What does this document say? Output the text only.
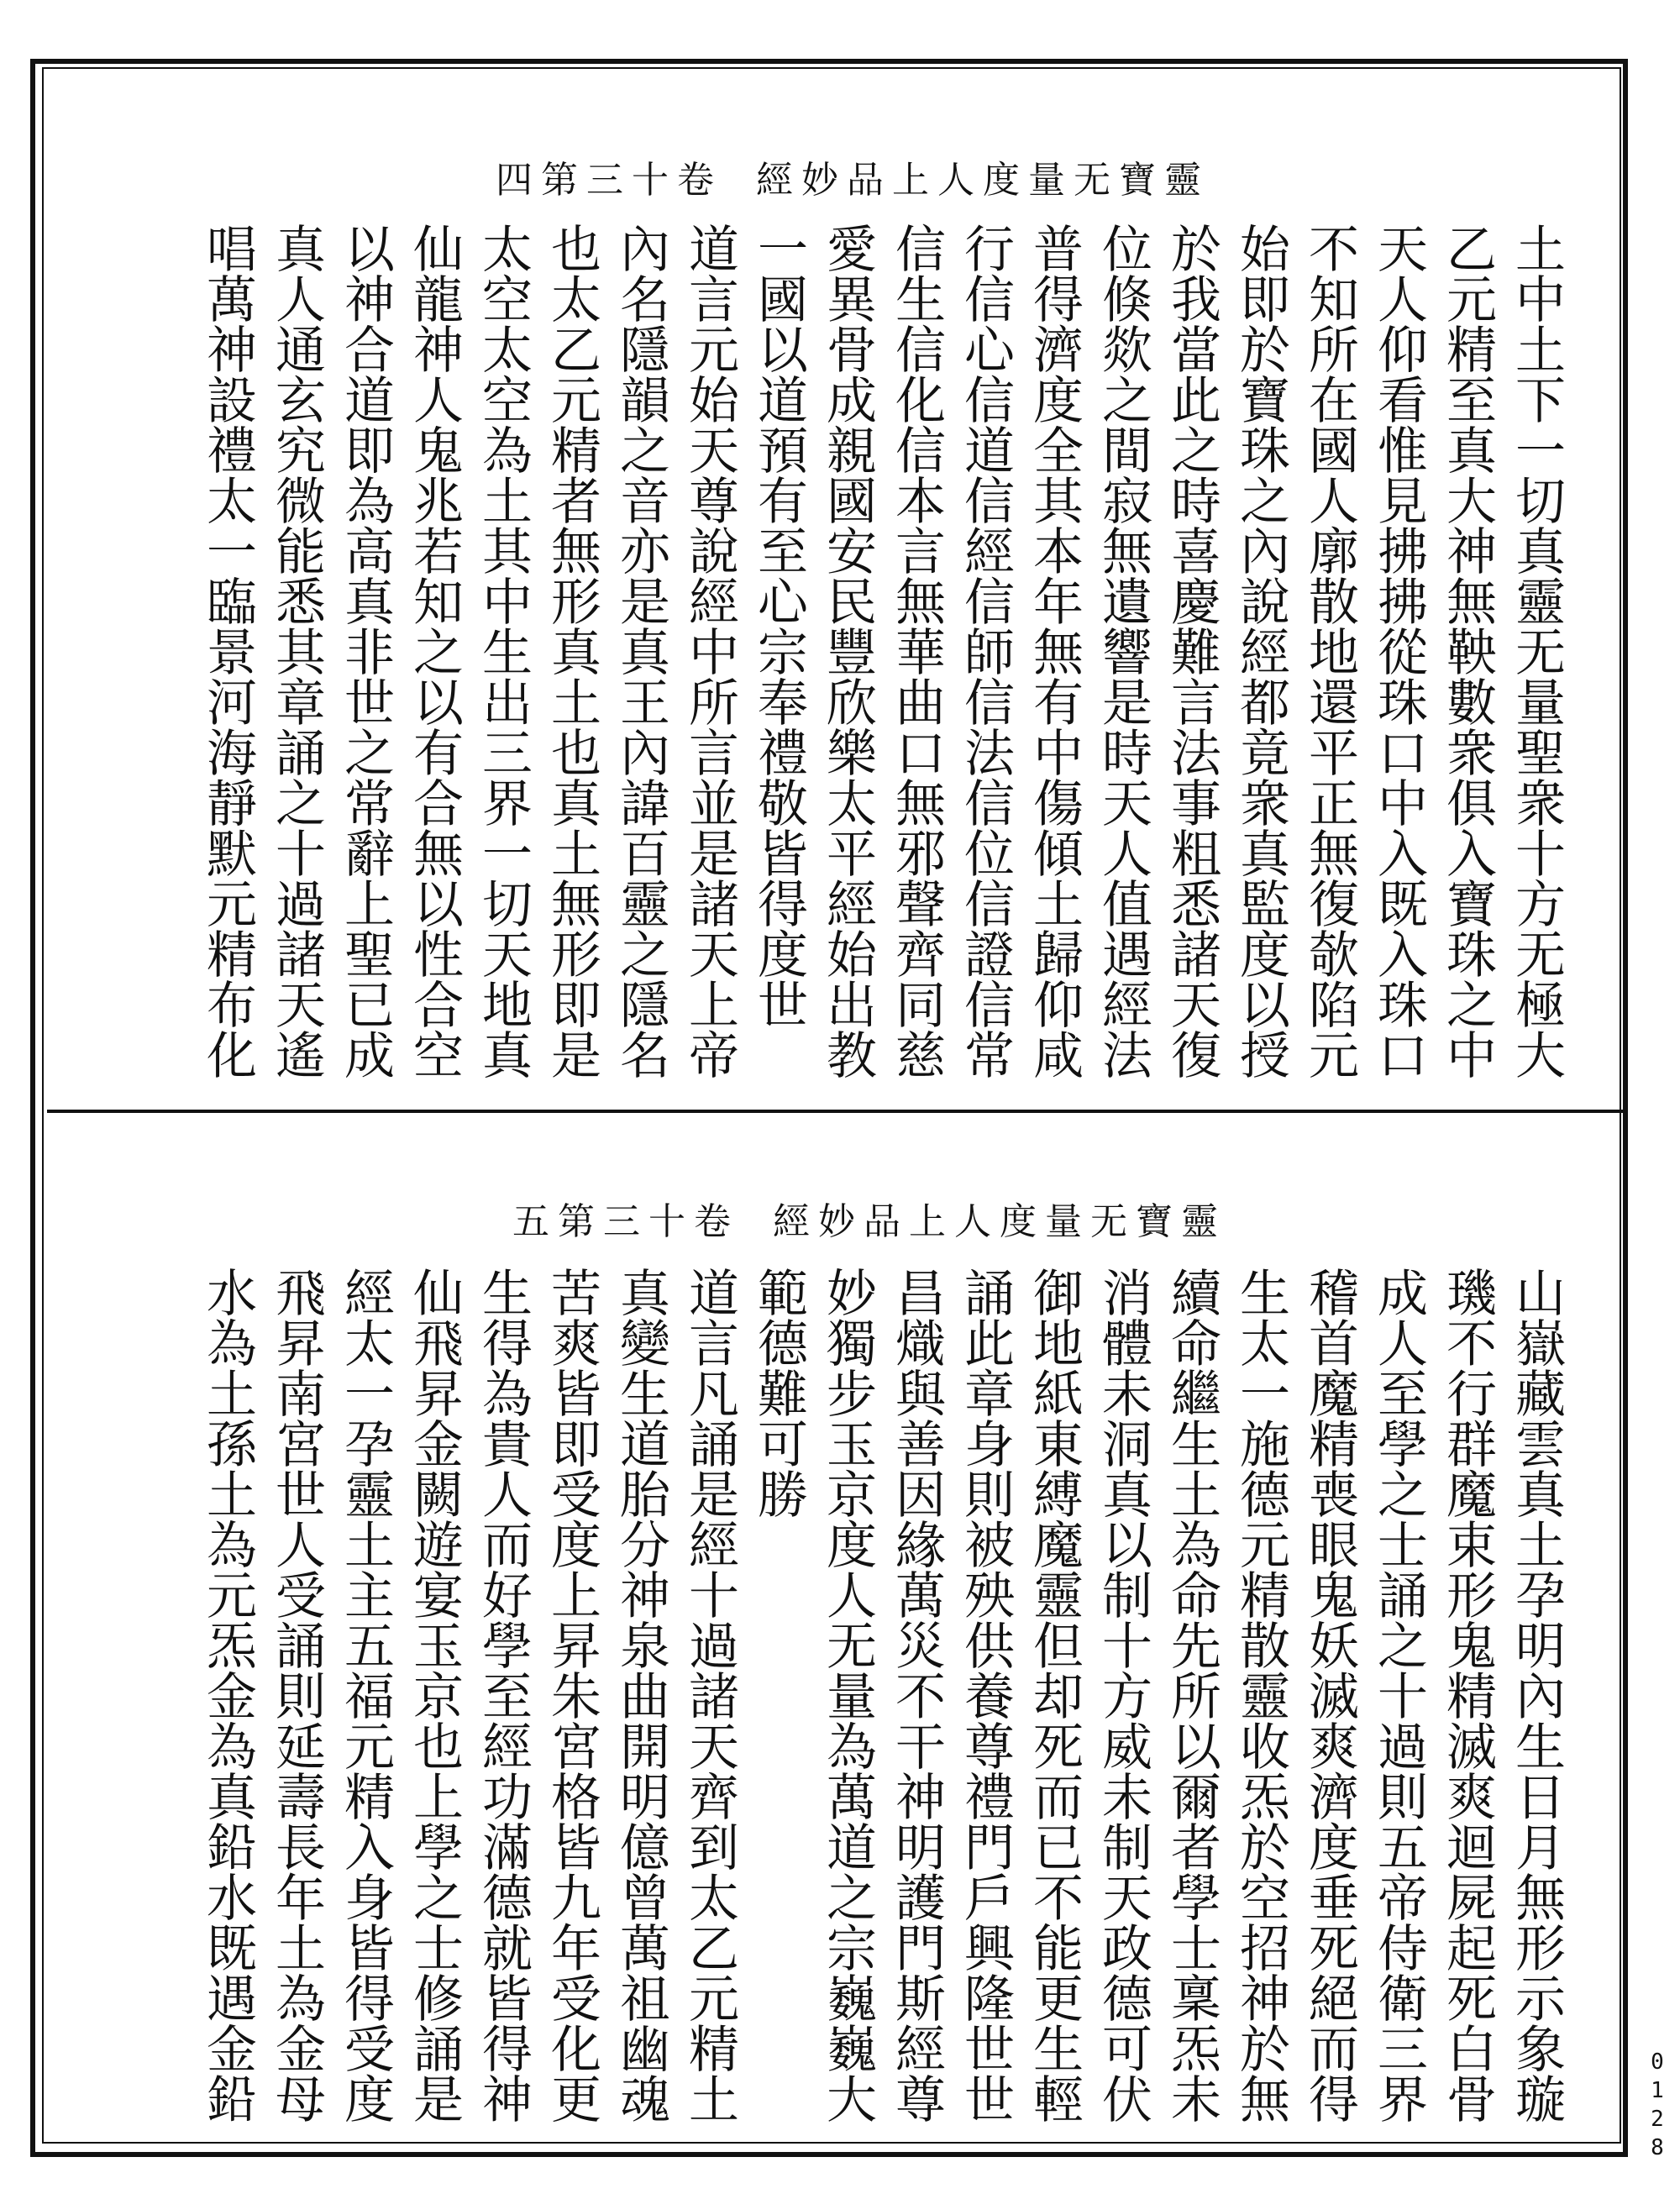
卷十三第四 靈寶无量度人上品妙經
土中土下一切真靈无量聖衆十方无極大
乙元精至真大神無鞅數衆俱入寶珠之中
天人仰看惟見拂拂從珠口中入既入珠口
不知所在國人廓散地還平正無復欹陷元
始即於寶珠之內說經都竟衆真監度以授
於我當此之時喜慶難言法事粗悉諸天復
位倏欻之間寂無遺響是時天人值遇經法
普得濟度全其本年無有中傷傾土歸仰咸
行信心信道信經信師信法信位信證信常
信生信化信本言無華曲口無邪聲齊同慈
愛異骨成親國安民豐欣樂太平經始出教
一國以道預有至心宗奉禮敬皆得度世
道言元始天尊說經中所言並是諸天上帝
內名隱韻之音亦是真王內諱百靈之隱名
也太乙元精者無形真土也真土無形即是
太空太空為土其中生出三界一切天地真
仙龍神人鬼兆若知之以有合無以性合空
以神合道即為高真非世之常辭上聖已成
真人通玄究微能悉其章誦之十過諸天遙
唱萬神設禮太一臨景河海靜默元精布化
卷十三第五 靈寶无量度人上品妙經
山嶽藏雲真土孕明內生日月無形示象璇
璣不行群魔束形鬼精滅爽迴屍起死白骨
成人至學之士誦之十過則五帝侍衛三界
稽首魔精喪眼鬼妖滅爽濟度垂死絕而得
生太一施德元精散靈收炁於空招神於無
續命繼生土為命先所以爾者學士稟炁未
消體未洞真以制十方威未制天政德可伏
御地紙東縛魔靈但却死而已不能更生輕
誦此章身則被殃供養尊禮門戶興隆世世
昌熾與善因緣萬災不干神明護門斯經尊
妙獨步玉京度人无量為萬道之宗巍巍大
範德難可勝
道言凡誦是經十過諸天齊到太乙元精土
真變生道胎分神泉曲開明億曾萬祖幽魂
苦爽皆即受度上昇朱宮格皆九年受化更
生得為貴人而好學至經功滿德就皆得神
仙飛昇金闕遊宴玉京也上學之士修誦是
經太一孕靈土主五福元精入身皆得受度
飛昇南宮世人受誦則延壽長年土為金母
水為土孫土為元炁金為真鉛水既遇金鉛	0128
